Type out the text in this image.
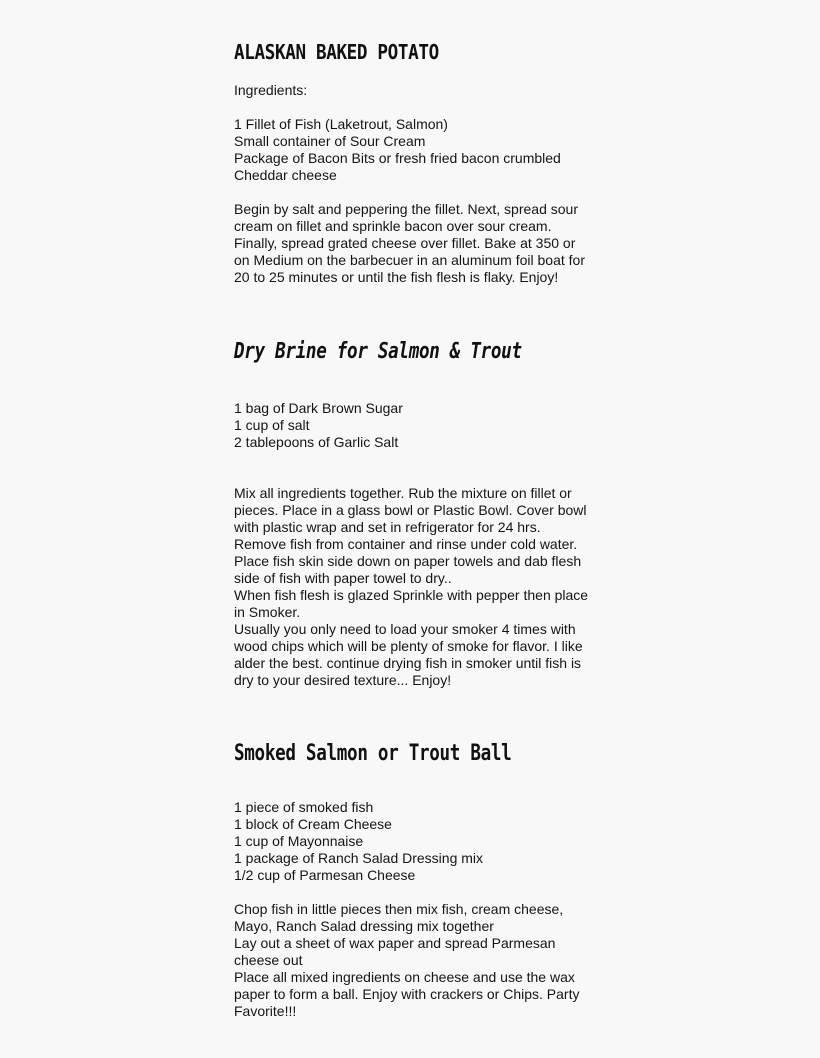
ALASKAN BAKED POTATO
Ingredients:
1 Fillet of Fish (Laketrout, Salmon)
Small container of Sour Cream
Package of Bacon Bits or fresh fried bacon crumbled
Cheddar cheese
Begin by salt and peppering the fillet. Next, spread sour
cream on fillet and sprinkle bacon over sour cream.
Finally, spread grated cheese over fillet. Bake at 350 or
on Medium on the barbecuer in an aluminum foil boat for
20 to 25 minutes or until the fish flesh is flaky. Enjoy!
Dry Brine for Salmon & Trout
1 bag of Dark Brown Sugar
1 cup of salt
2 tablepoons of Garlic Salt
Mix all ingredients together. Rub the mixture on fillet or
pieces. Place in a glass bowl or Plastic Bowl. Cover bowl
with plastic wrap and set in refrigerator for 24 hrs.
Remove fish from container and rinse under cold water.
Place fish skin side down on paper towels and dab flesh
side of fish with paper towel to dry..
When fish flesh is glazed Sprinkle with pepper then place
in Smoker.
Usually you only need to load your smoker 4 times with
wood chips which will be plenty of smoke for flavor. I like
alder the best. continue drying fish in smoker until fish is
dry to your desired texture... Enjoy!
Smoked Salmon or Trout Ball
1 piece of smoked fish
1 block of Cream Cheese
1 cup of Mayonnaise
1 package of Ranch Salad Dressing mix
1/2 cup of Parmesan Cheese
Chop fish in little pieces then mix fish, cream cheese,
Mayo, Ranch Salad dressing mix together
Lay out a sheet of wax paper and spread Parmesan
cheese out
Place all mixed ingredients on cheese and use the wax
paper to form a ball. Enjoy with crackers or Chips. Party
Favorite!!!
